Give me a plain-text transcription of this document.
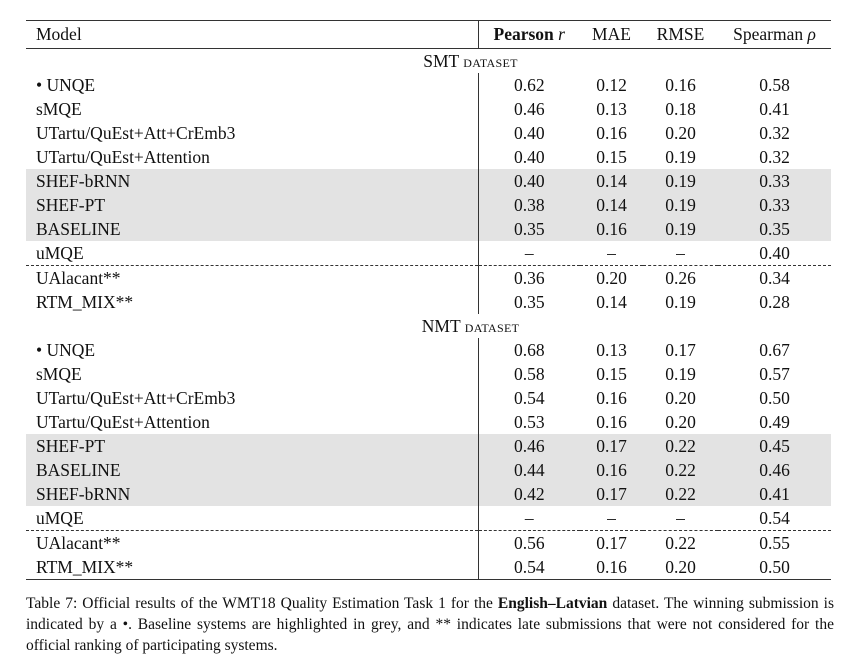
Model	Pearson r	MAE	RMSE	Spearman ρ
SMT dataset				
• UNQE	0.62	0.12	0.16	0.58
sMQE	0.46	0.13	0.18	0.41
UTartu/QuEst+Att+CrEmb3	0.40	0.16	0.20	0.32
UTartu/QuEst+Attention	0.40	0.15	0.19	0.32
SHEF-bRNN	0.40	0.14	0.19	0.33
SHEF-PT	0.38	0.14	0.19	0.33
BASELINE	0.35	0.16	0.19	0.35
uMQE	–	–	–	0.40
UAlacant**	0.36	0.20	0.26	0.34
RTM_MIX**	0.35	0.14	0.19	0.28
NMT dataset				
• UNQE	0.68	0.13	0.17	0.67
sMQE	0.58	0.15	0.19	0.57
UTartu/QuEst+Att+CrEmb3	0.54	0.16	0.20	0.50
UTartu/QuEst+Attention	0.53	0.16	0.20	0.49
SHEF-PT	0.46	0.17	0.22	0.45
BASELINE	0.44	0.16	0.22	0.46
SHEF-bRNN	0.42	0.17	0.22	0.41
uMQE	–	–	–	0.54
UAlacant**	0.56	0.17	0.22	0.55
RTM_MIX**	0.54	0.16	0.20	0.50
Table 7: Official results of the WMT18 Quality Estimation Task 1 for the English–Latvian dataset. The winning submission is indicated by a •. Baseline systems are highlighted in grey, and ** indicates late submissions that were not considered for the official ranking of participating systems.
